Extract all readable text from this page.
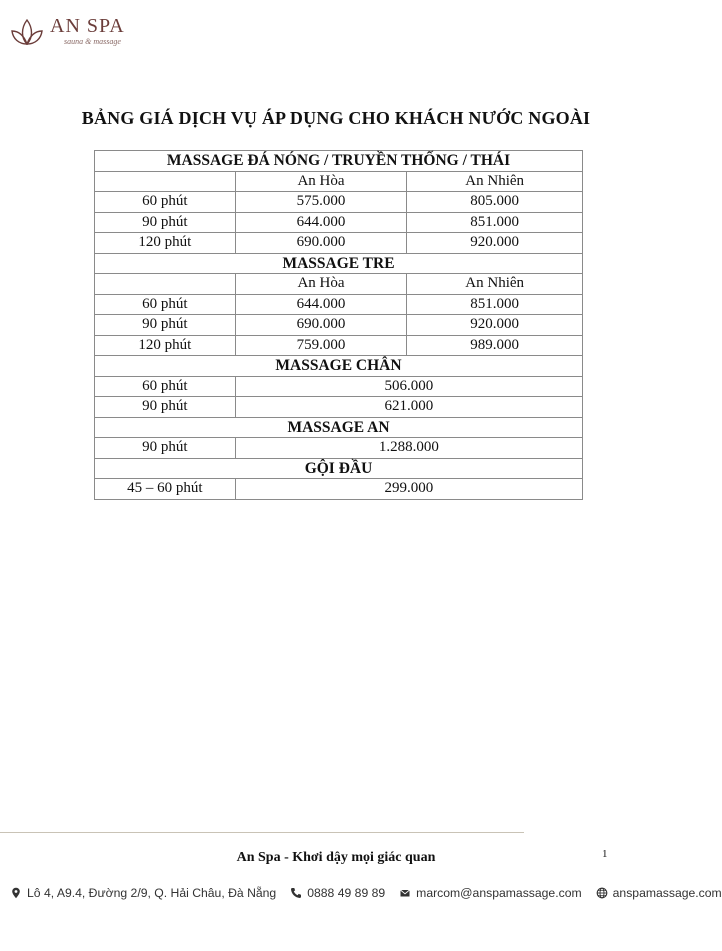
AN SPA
sauna & massage
BẢNG GIÁ DỊCH VỤ ÁP DỤNG CHO KHÁCH NƯỚC NGOÀI
MASSAGE ĐÁ NÓNG / TRUYỀN THỐNG / THÁI		
	An Hòa	An Nhiên
60 phút	575.000	805.000
90 phút	644.000	851.000
120 phút	690.000	920.000
MASSAGE TRE		
	An Hòa	An Nhiên
60 phút	644.000	851.000
90 phút	690.000	920.000
120 phút	759.000	989.000
MASSAGE CHÂN		
60 phút	506.000	
90 phút	621.000	
MASSAGE AN		
90 phút	1.288.000	
GỘI ĐẦU		
45 – 60 phút	299.000	
An Spa - Khơi dậy mọi giác quan	1
Lô 4, A9.4, Đường 2/9, Q. Hải Châu, Đà Nẵng	0888 49 89 89	marcom@anspamassage.com	anspamassage.com
